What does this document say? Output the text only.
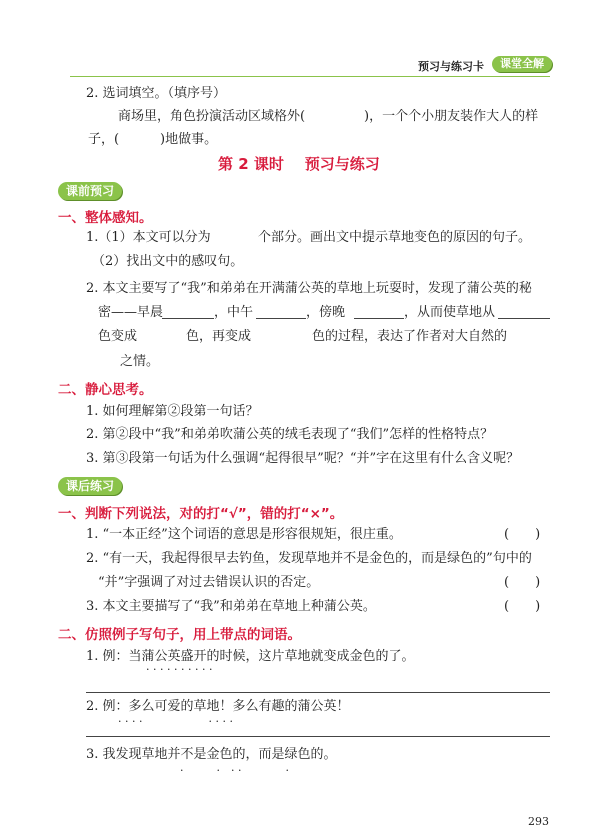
预习与练习卡	课堂全解
2. 选词填空。（填序号）
商场里，角色扮演活动区域格外(	)，一个个小朋友装作大人的样
子，(	)地做事。
第 2 课时    预习与练习
课前预习
一、整体感知。
1.（1）本文可以分为	个部分。画出文中提示草地变色的原因的句子。
（2）找出文中的感叹句。
2. 本文主要写了“我”和弟弟在开满蒲公英的草地上玩耍时，发现了蒲公英的秘
密——早晨	，中午	，傍晚	，从而使草地从
色变成	色，再变成	色的过程，表达了作者对大自然的
之情。
二、静心思考。
1. 如何理解第②段第一句话？
2. 第②段中“我”和弟弟吹蒲公英的绒毛表现了“我们”怎样的性格特点？
3. 第③段第一句话为什么强调“起得很早”呢？“并”字在这里有什么含义呢？
课后练习
一、判断下列说法，对的打“√”，错的打“×”。
1. “一本正经”这个词语的意思是形容很规矩，很庄重。	(　　)
2. “有一天，我起得很早去钓鱼，发现草地并不是金色的，而是绿色的”句中的
“并”字强调了对过去错误认识的否定。	(　　)
3. 本文主要描写了“我”和弟弟在草地上种蒲公英。	(　　)
二、仿照例子写句子，用上带点的词语。
1. 例：当蒲公英盛开的时候，这片草地就变成金色的了。
· · · · · · · · · ·
2. 例：多么可爱的草地！多么有趣的蒲公英！
· · · ·　　　　　　· · · ·
3. 我发现草地并不是金色的，而是绿色的。
·　　　·　· ·　　　　·
293
